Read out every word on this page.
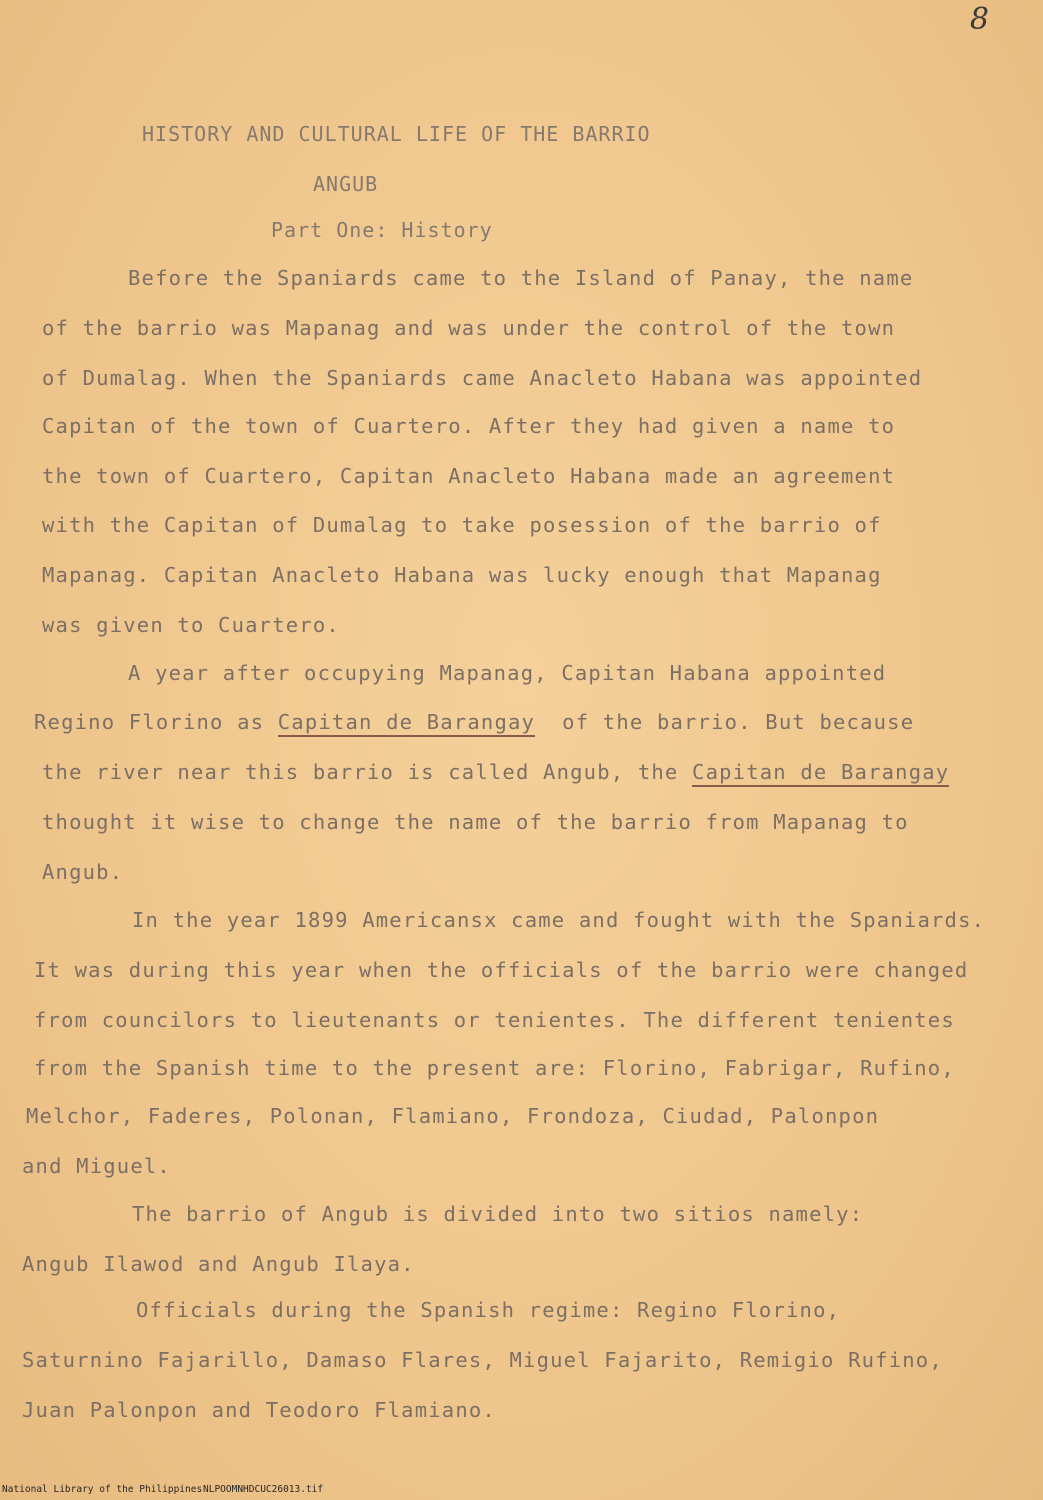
8
HISTORY AND CULTURAL LIFE OF THE BARRIO
ANGUB
Part One: History
Before the Spaniards came to the Island of Panay, the name
of the barrio was Mapanag and was under the control of the town
of Dumalag. When the Spaniards came Anacleto Habana was appointed
Capitan of the town of Cuartero. After they had given a name to
the town of Cuartero, Capitan Anacleto Habana made an agreement
with the Capitan of Dumalag to take posession of the barrio of
Mapanag. Capitan Anacleto Habana was lucky enough that Mapanag
was given to Cuartero.
A year after occupying Mapanag, Capitan Habana appointed
Regino Florino as Capitan de Barangay  of the barrio. But because
the river near this barrio is called Angub, the Capitan de Barangay
thought it wise to change the name of the barrio from Mapanag to
Angub.
In the year 1899 Americansx came and fought with the Spaniards.
It was during this year when the officials of the barrio were changed
from councilors to lieutenants or tenientes. The different tenientes
from the Spanish time to the present are: Florino, Fabrigar, Rufino,
Melchor, Faderes, Polonan, Flamiano, Frondoza, Ciudad, Palonpon
and Miguel.
The barrio of Angub is divided into two sitios namely:
Angub Ilawod and Angub Ilaya.
Officials during the Spanish regime: Regino Florino,
Saturnino Fajarillo, Damaso Flares, Miguel Fajarito, Remigio Rufino,
Juan Palonpon and Teodoro Flamiano.
National Library of the Philippines NLPOOMNHDCUC26013.tif
